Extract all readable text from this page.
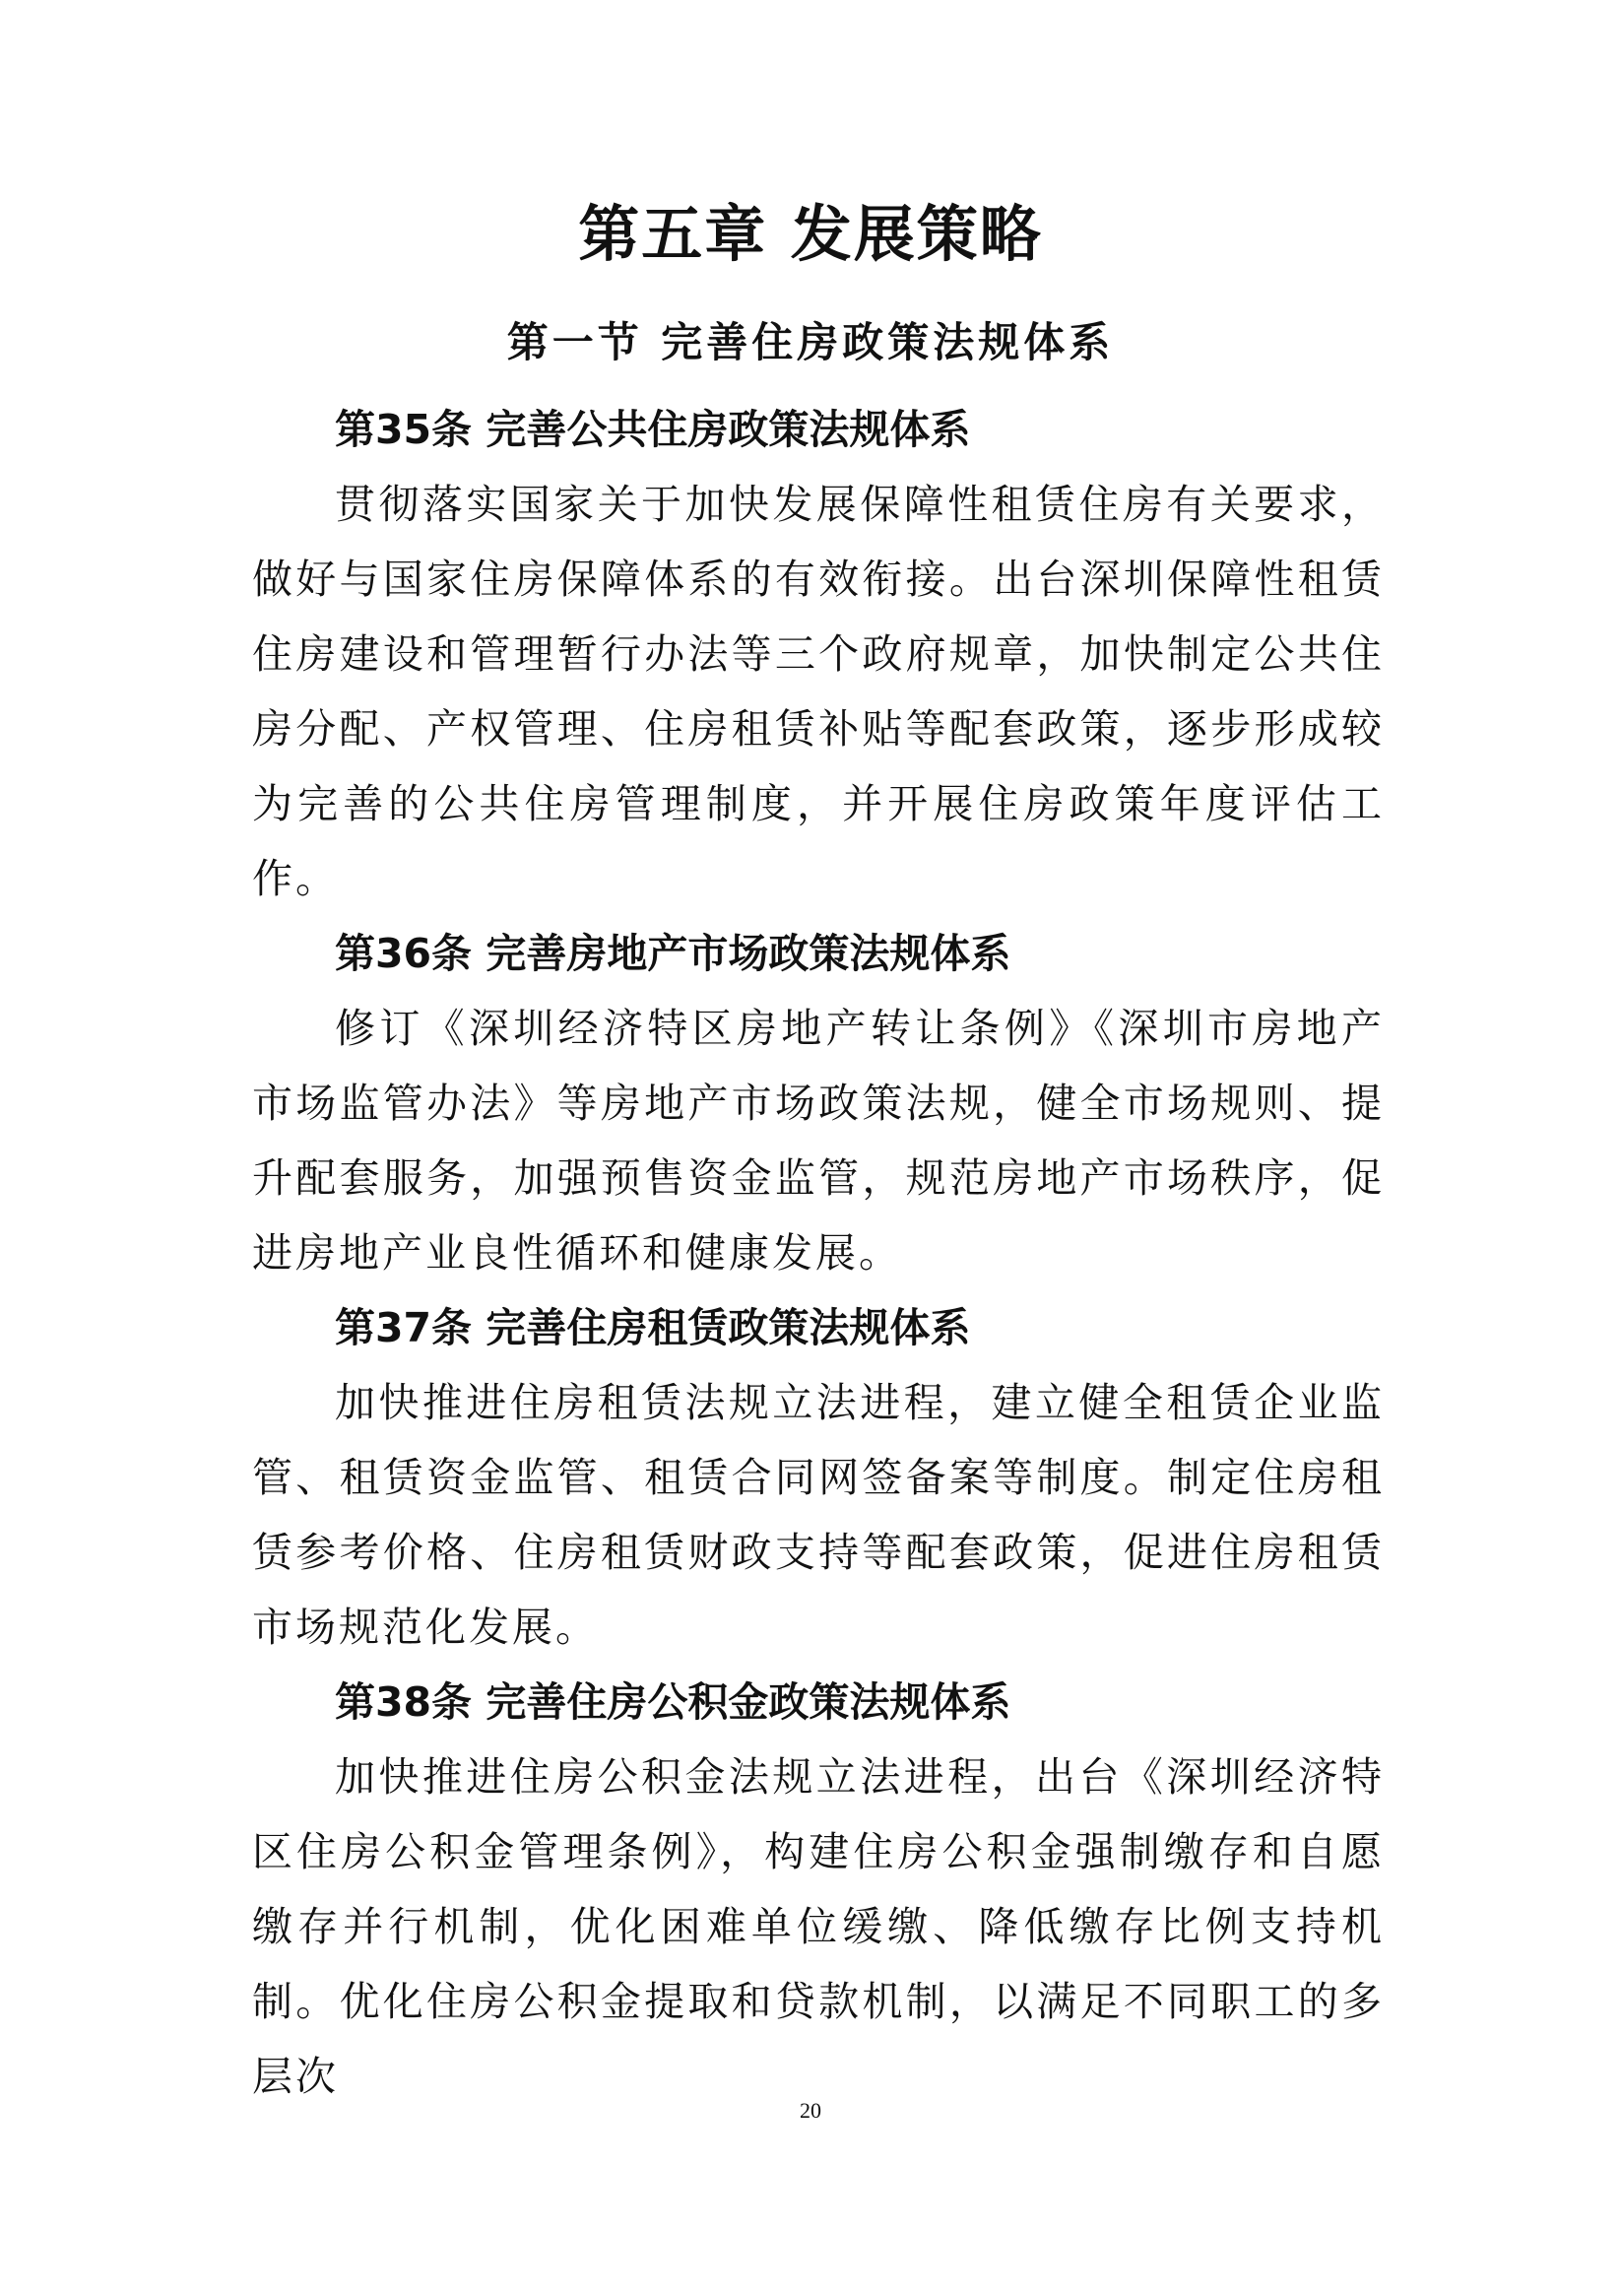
第五章 发展策略
第一节 完善住房政策法规体系
第35条 完善公共住房政策法规体系

贯彻落实国家关于加快发展保障性租赁住房有关要求，做好与国家住房保障体系的有效衔接。出台深圳保障性租赁住房建设和管理暂行办法等三个政府规章，加快制定公共住房分配、产权管理、住房租赁补贴等配套政策，逐步形成较为完善的公共住房管理制度，并开展住房政策年度评估工作。

第36条 完善房地产市场政策法规体系

修订《深圳经济特区房地产转让条例》《深圳市房地产市场监管办法》等房地产市场政策法规，健全市场规则、提升配套服务，加强预售资金监管，规范房地产市场秩序，促进房地产业良性循环和健康发展。

第37条 完善住房租赁政策法规体系

加快推进住房租赁法规立法进程，建立健全租赁企业监管、租赁资金监管、租赁合同网签备案等制度。制定住房租赁参考价格、住房租赁财政支持等配套政策，促进住房租赁市场规范化发展。

第38条 完善住房公积金政策法规体系

加快推进住房公积金法规立法进程，出台《深圳经济特区住房公积金管理条例》，构建住房公积金强制缴存和自愿缴存并行机制，优化困难单位缓缴、降低缴存比例支持机制。优化住房公积金提取和贷款机制，以满足不同职工的多层次

20
